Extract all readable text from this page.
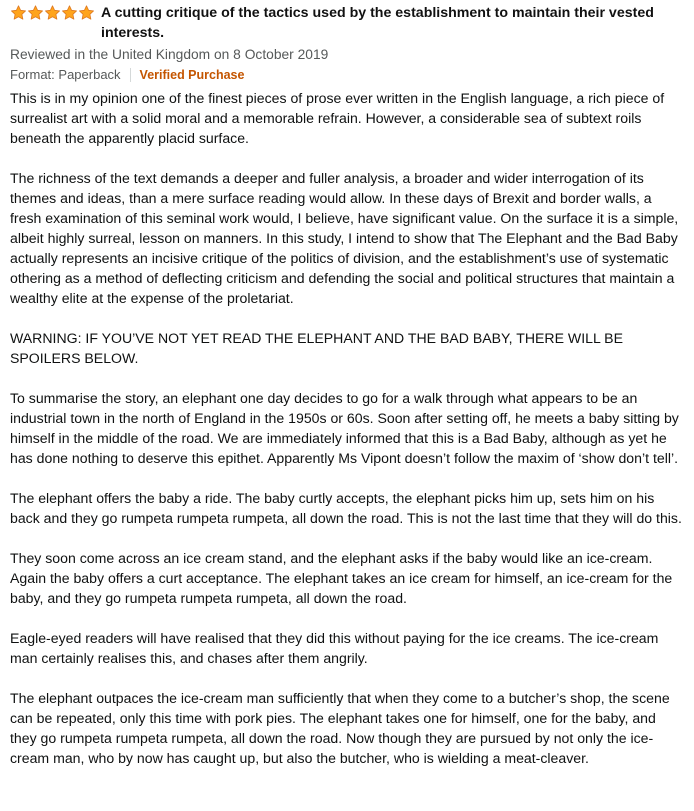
A cutting critique of the tactics used by the establishment to maintain their vested interests.
Reviewed in the United Kingdom on 8 October 2019
Format: Paperback Verified Purchase

This is in my opinion one of the finest pieces of prose ever written in the English language, a rich piece of surrealist art with a solid moral and a memorable refrain. However, a considerable sea of subtext roils beneath the apparently placid surface.

The richness of the text demands a deeper and fuller analysis, a broader and wider interrogation of its themes and ideas, than a mere surface reading would allow. In these days of Brexit and border walls, a fresh examination of this seminal work would, I believe, have significant value. On the surface it is a simple, albeit highly surreal, lesson on manners. In this study, I intend to show that The Elephant and the Bad Baby actually represents an incisive critique of the politics of division, and the establishment’s use of systematic othering as a method of deflecting criticism and defending the social and political structures that maintain a wealthy elite at the expense of the proletariat.

WARNING: IF YOU’VE NOT YET READ THE ELEPHANT AND THE BAD BABY, THERE WILL BE SPOILERS BELOW.

To summarise the story, an elephant one day decides to go for a walk through what appears to be an industrial town in the north of England in the 1950s or 60s. Soon after setting off, he meets a baby sitting by himself in the middle of the road. We are immediately informed that this is a Bad Baby, although as yet he has done nothing to deserve this epithet. Apparently Ms Vipont doesn’t follow the maxim of ‘show don’t tell’.

The elephant offers the baby a ride. The baby curtly accepts, the elephant picks him up, sets him on his back and they go rumpeta rumpeta rumpeta, all down the road. This is not the last time that they will do this.

They soon come across an ice cream stand, and the elephant asks if the baby would like an ice-cream. Again the baby offers a curt acceptance. The elephant takes an ice cream for himself, an ice-cream for the baby, and they go rumpeta rumpeta rumpeta, all down the road.

Eagle-eyed readers will have realised that they did this without paying for the ice creams. The ice-cream man certainly realises this, and chases after them angrily.

The elephant outpaces the ice-cream man sufficiently that when they come to a butcher’s shop, the scene can be repeated, only this time with pork pies. The elephant takes one for himself, one for the baby, and they go rumpeta rumpeta rumpeta, all down the road. Now though they are pursued by not only the ice-cream man, who by now has caught up, but also the butcher, who is wielding a meat-cleaver.
